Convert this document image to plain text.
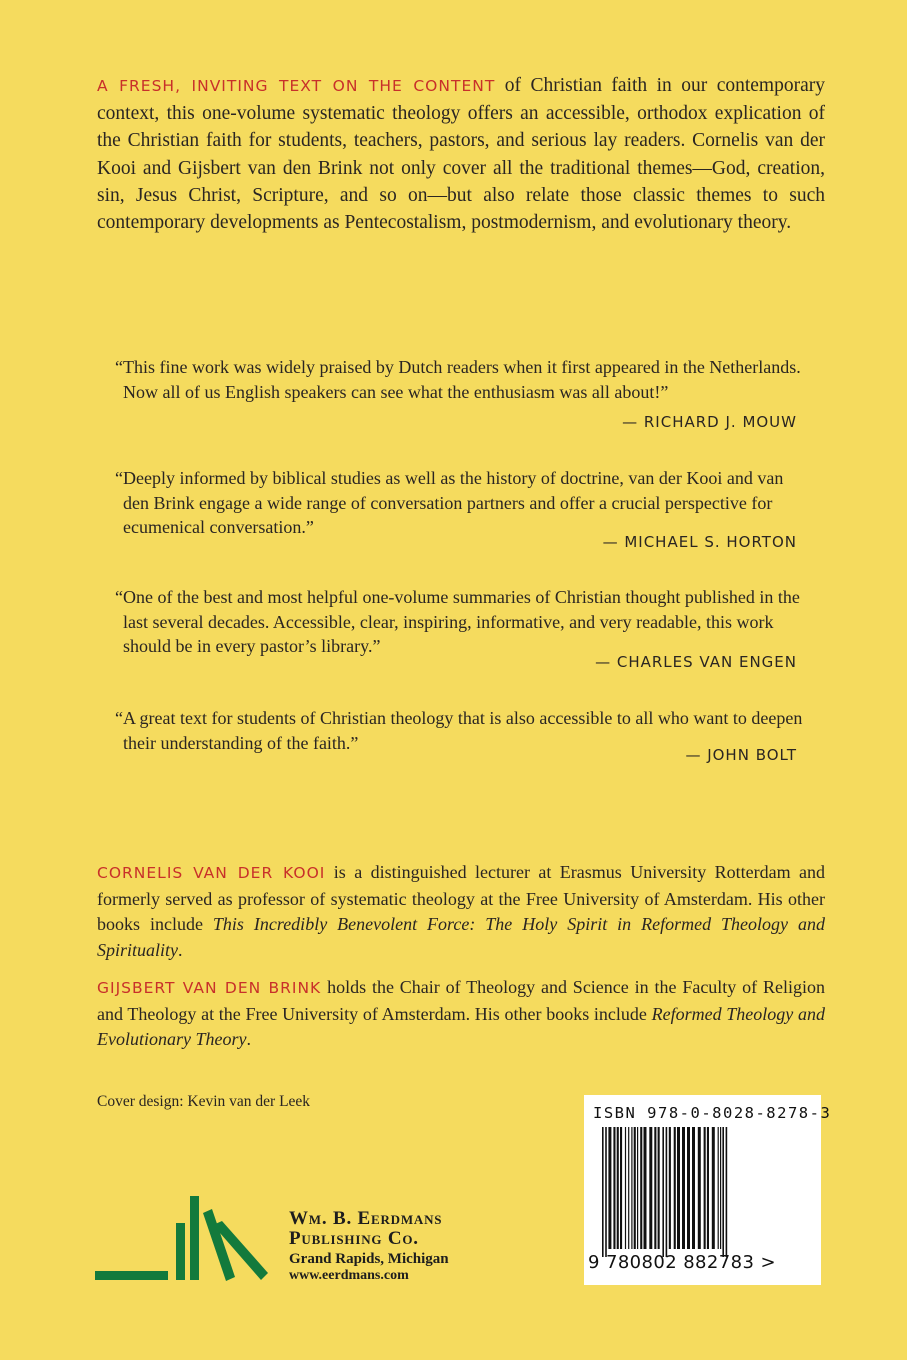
A FRESH, INVITING TEXT ON THE CONTENT of Christian faith in our contemporary context, this one-volume systematic theology offers an accessible, orthodox explication of the Christian faith for students, teachers, pastors, and serious lay readers. Cornelis van der Kooi and Gijsbert van den Brink not only cover all the traditional themes—God, creation, sin, Jesus Christ, Scripture, and so on—but also relate those classic themes to such contemporary developments as Pentecostalism, postmodernism, and evolutionary theory.
“This fine work was widely praised by Dutch readers when it first appeared in the Netherlands. Now all of us English speakers can see what the enthusiasm was all about!”
— RICHARD J. MOUW
“Deeply informed by biblical studies as well as the history of doctrine, van der Kooi and van den Brink engage a wide range of conversation partners and offer a crucial perspective for ecumenical conversation.”
— MICHAEL S. HORTON
“One of the best and most helpful one-volume summaries of Christian thought published in the last several decades. Accessible, clear, inspiring, informative, and very readable, this work should be in every pastor’s library.”
— CHARLES VAN ENGEN
“A great text for students of Christian theology that is also accessible to all who want to deepen their understanding of the faith.”
— JOHN BOLT
CORNELIS VAN DER KOOI is a distinguished lecturer at Erasmus University Rotterdam and formerly served as professor of systematic theology at the Free University of Amsterdam. His other books include This Incredibly Benevolent Force: The Holy Spirit in Reformed Theology and Spirituality.
GIJSBERT VAN DEN BRINK holds the Chair of Theology and Science in the Faculty of Religion and Theology at the Free University of Amsterdam. His other books include Reformed Theology and Evolutionary Theory.
Cover design: Kevin van der Leek
ISBN 978-0-8028-8278-3
9 780802 882783 >
Wm. B. Eerdmans
Publishing Co.
Grand Rapids, Michigan
www.eerdmans.com
